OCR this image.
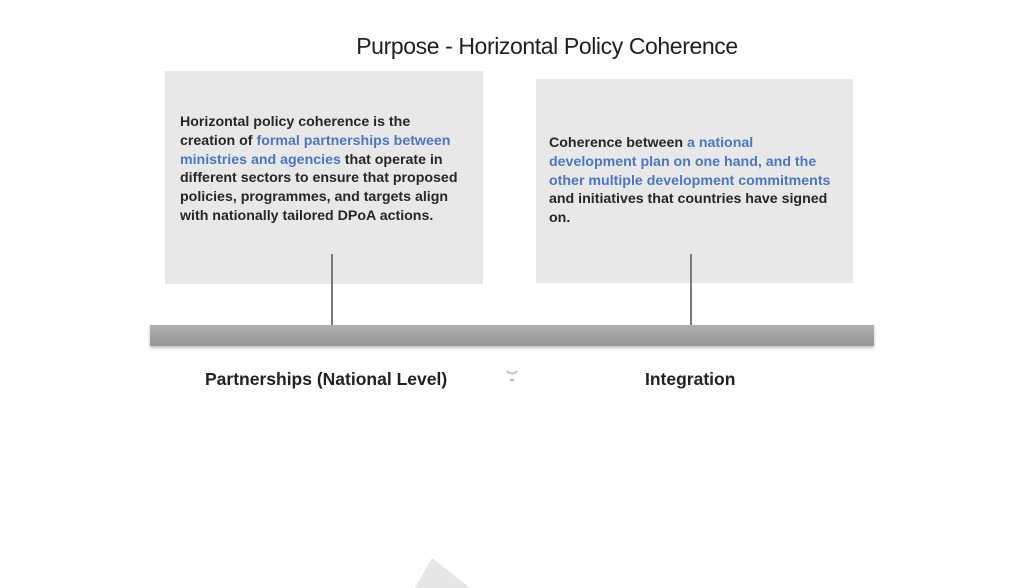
Purpose - Horizontal Policy Coherence

Horizontal policy coherence is the creation of formal partnerships between ministries and agencies that operate in different sectors to ensure that proposed policies, programmes, and targets align with nationally tailored DPoA actions.

Coherence between a national development plan on one hand, and the other multiple development commitments and initiatives that countries have signed on.

Partnerships (National Level)	Integration
